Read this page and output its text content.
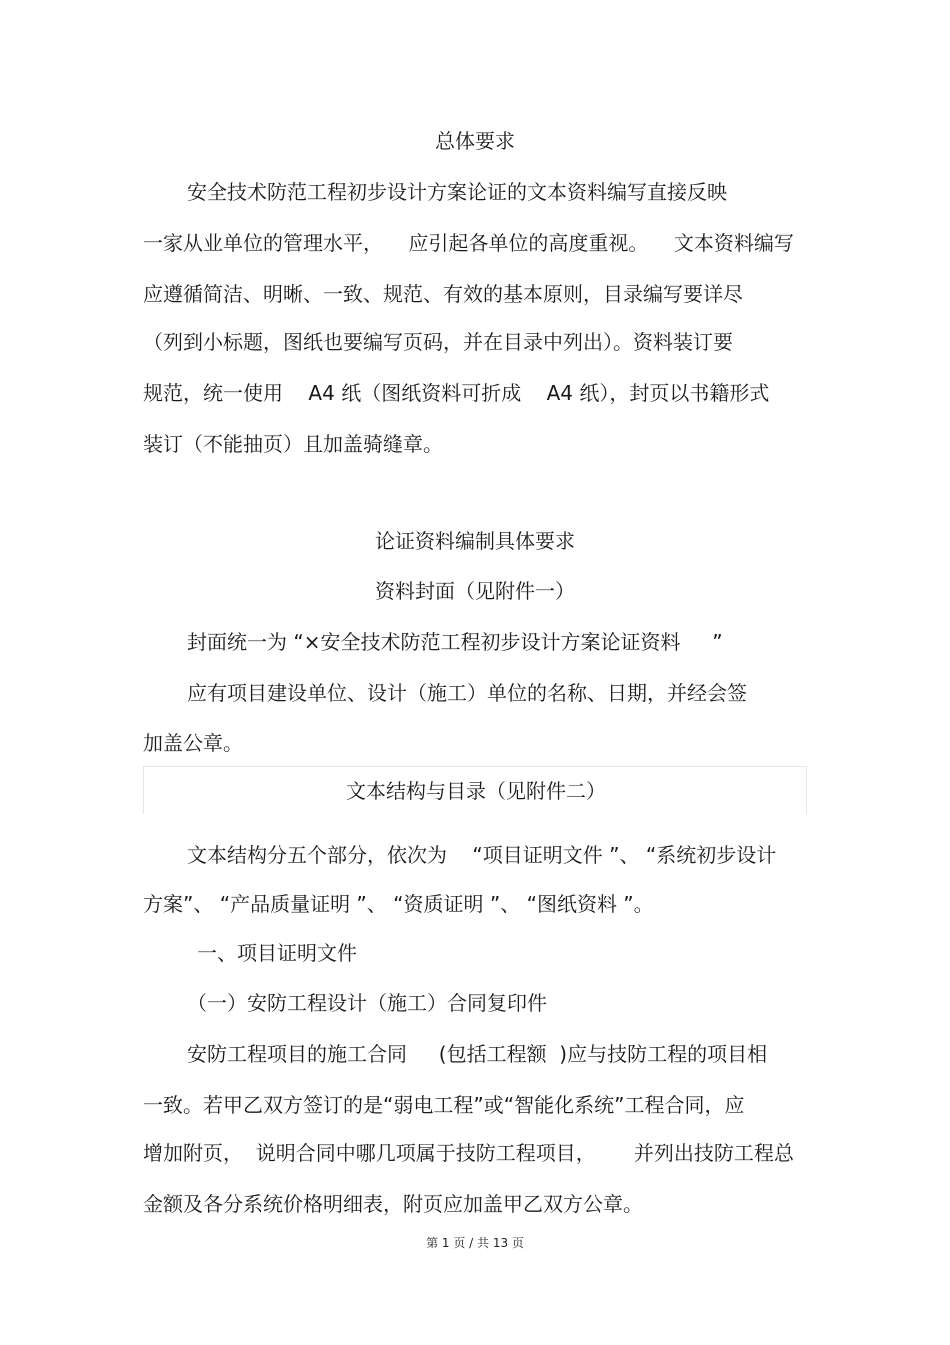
总体要求
安全技术防范工程初步设计方案论证的文本资料编写直接反映
一家从业单位的管理水平，    应引起各单位的高度重视。    文本资料编写
应遵循简洁、明晰、一致、规范、有效的基本原则，目录编写要详尽
（列到小标题，图纸也要编写页码，并在目录中列出）。资料装订要
规范，统一使用    A4 纸（图纸资料可折成    A4 纸），封页以书籍形式
装订（不能抽页）且加盖骑缝章。
论证资料编制具体要求
资料封面（见附件一）
封面统一为 “×安全技术防范工程初步设计方案论证资料     ”
应有项目建设单位、设计（施工）单位的名称、日期，并经会签
加盖公章。
文本结构与目录（见附件二）
文本结构分五个部分，依次为    “项目证明文件 ”、 “系统初步设计
方案”、 “产品质量证明 ”、 “资质证明 ”、 “图纸资料 ”。
一、项目证明文件
（一）安防工程设计（施工）合同复印件
安防工程项目的施工合同     (包括工程额  )应与技防工程的项目相
一致。若甲乙双方签订的是“弱电工程”或“智能化系统”工程合同，应
增加附页，  说明合同中哪几项属于技防工程项目，      并列出技防工程总
金额及各分系统价格明细表，附页应加盖甲乙双方公章。
第 1 页 / 共 13 页
